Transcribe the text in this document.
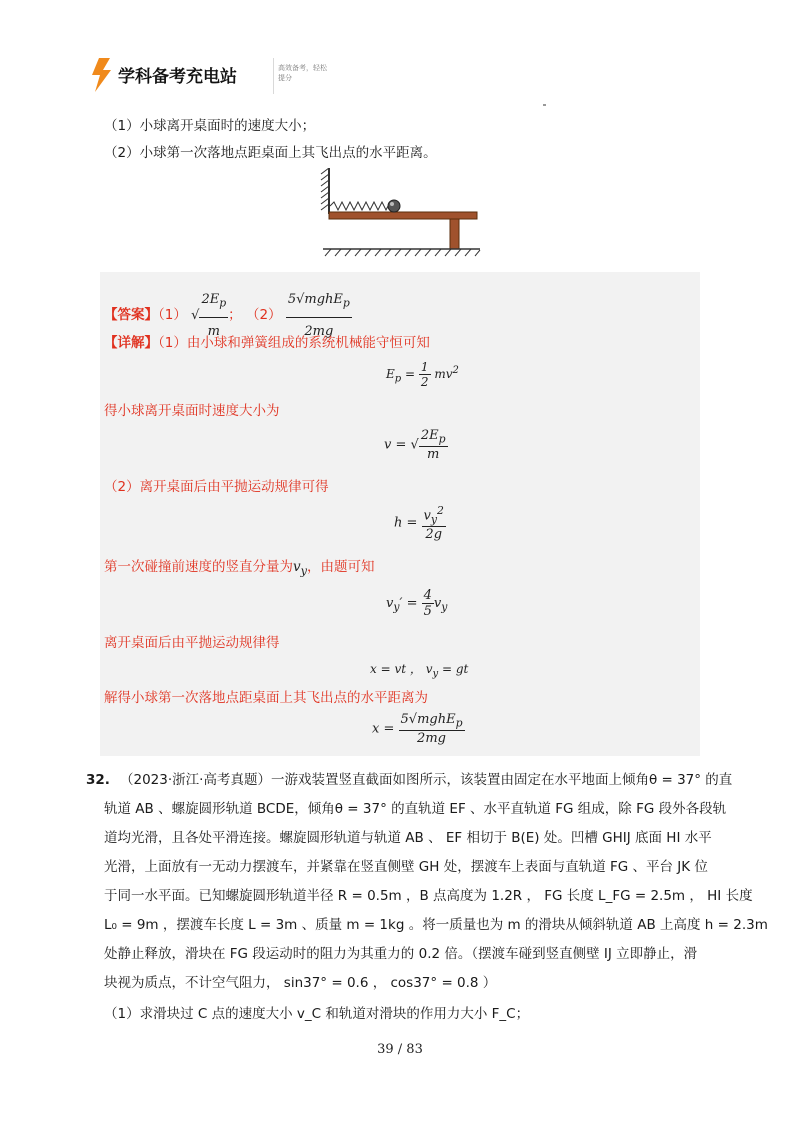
学科备考充电站	高效备考，轻松提分
（1）小球离开桌面时的速度大小；
（2）小球第一次落地点距桌面上其飞出点的水平距离。
【答案】（1） √ $\frac{2E_p}{m}$ ； $(2) \frac{5√mghE_p}{2mg}$
【详解】（1）由小球和弹簧组成的系统机械能守恒可知
$E_p = \frac{1}{2} mv^2$
得小球离开桌面时速度大小为
v = √ $\frac{2E_p}{m}$
（2）离开桌面后由平抛运动规律可得
$h = \frac{v_y^2}{2g}$
第一次碰撞前速度的竖直分量为$v_y$，由题可知
$v_y' = \frac{4}{5} v_y$
离开桌面后由平抛运动规律得
x = vt ， $v_y$ = gt
解得小球第一次落地点距桌面上其飞出点的水平距离为
$x = \frac{5√mghE_p}{2mg}$
32. （2023·浙江·高考真题）一游戏装置竖直截面如图所示，该装置由固定在水平地面上倾角θ = 37° 的直
轨道 AB 、螺旋圆形轨道 BCDE，倾角θ = 37° 的直轨道 EF 、水平直轨道 FG 组成，除 FG 段外各段轨
道均光滑，且各处平滑连接。螺旋圆形轨道与轨道 AB 、 EF 相切于 B(E) 处。凹槽 GHIJ 底面 HI 水平
光滑，上面放有一无动力摆渡车，并紧靠在竖直侧壁 GH 处，摆渡车上表面与直轨道 FG 、平台 JK 位
于同一水平面。已知螺旋圆形轨道半径 R = 0.5m ，B 点高度为 1.2R ， FG 长度 L_FG = 2.5m ， HI 长度
L₀ = 9m ，摆渡车长度 L = 3m 、质量 m = 1kg 。将一质量也为 m 的滑块从倾斜轨道 AB 上高度 h = 2.3m
处静止释放，滑块在 FG 段运动时的阻力为其重力的 0.2 倍。（摆渡车碰到竖直侧壁 IJ 立即静止，滑
块视为质点，不计空气阻力， sin37° = 0.6 ， cos37° = 0.8 ）
（1）求滑块过 C 点的速度大小 v_C 和轨道对滑块的作用力大小 F_C；
39 / 83
